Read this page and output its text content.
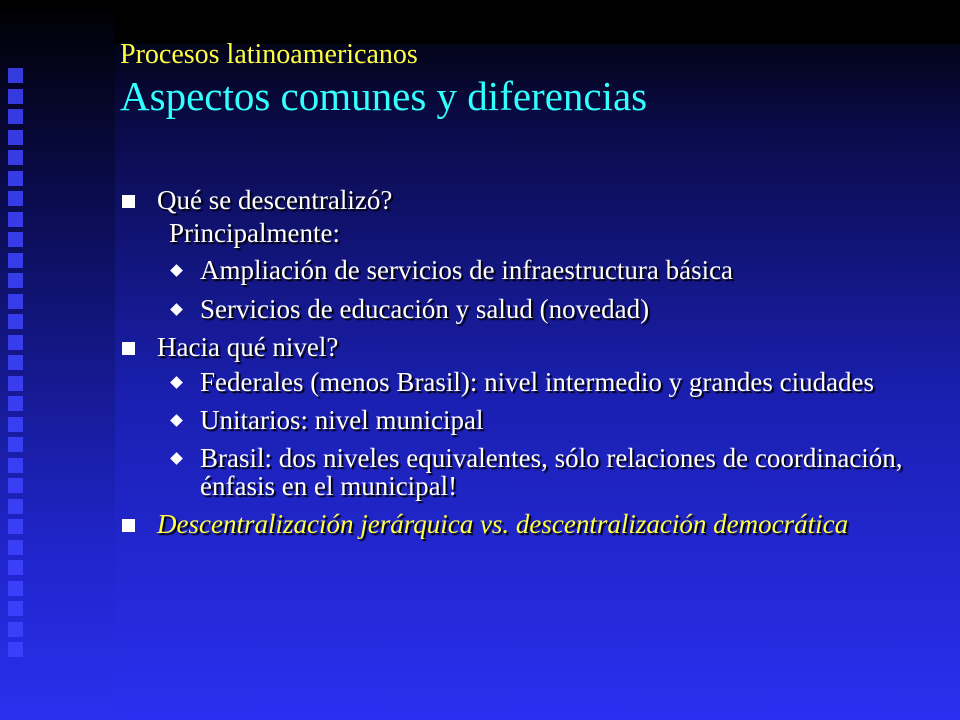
Procesos latinoamericanos

Aspectos comunes y diferencias

Qué se descentralizó?
Principalmente:
Ampliación de servicios de infraestructura básica
Servicios de educación y salud (novedad)
Hacia qué nivel?
Federales (menos Brasil): nivel intermedio y grandes ciudades
Unitarios: nivel municipal
Brasil: dos niveles equivalentes, sólo relaciones de coordinación, énfasis en el municipal!
Descentralización jerárquica vs. descentralización democrática
